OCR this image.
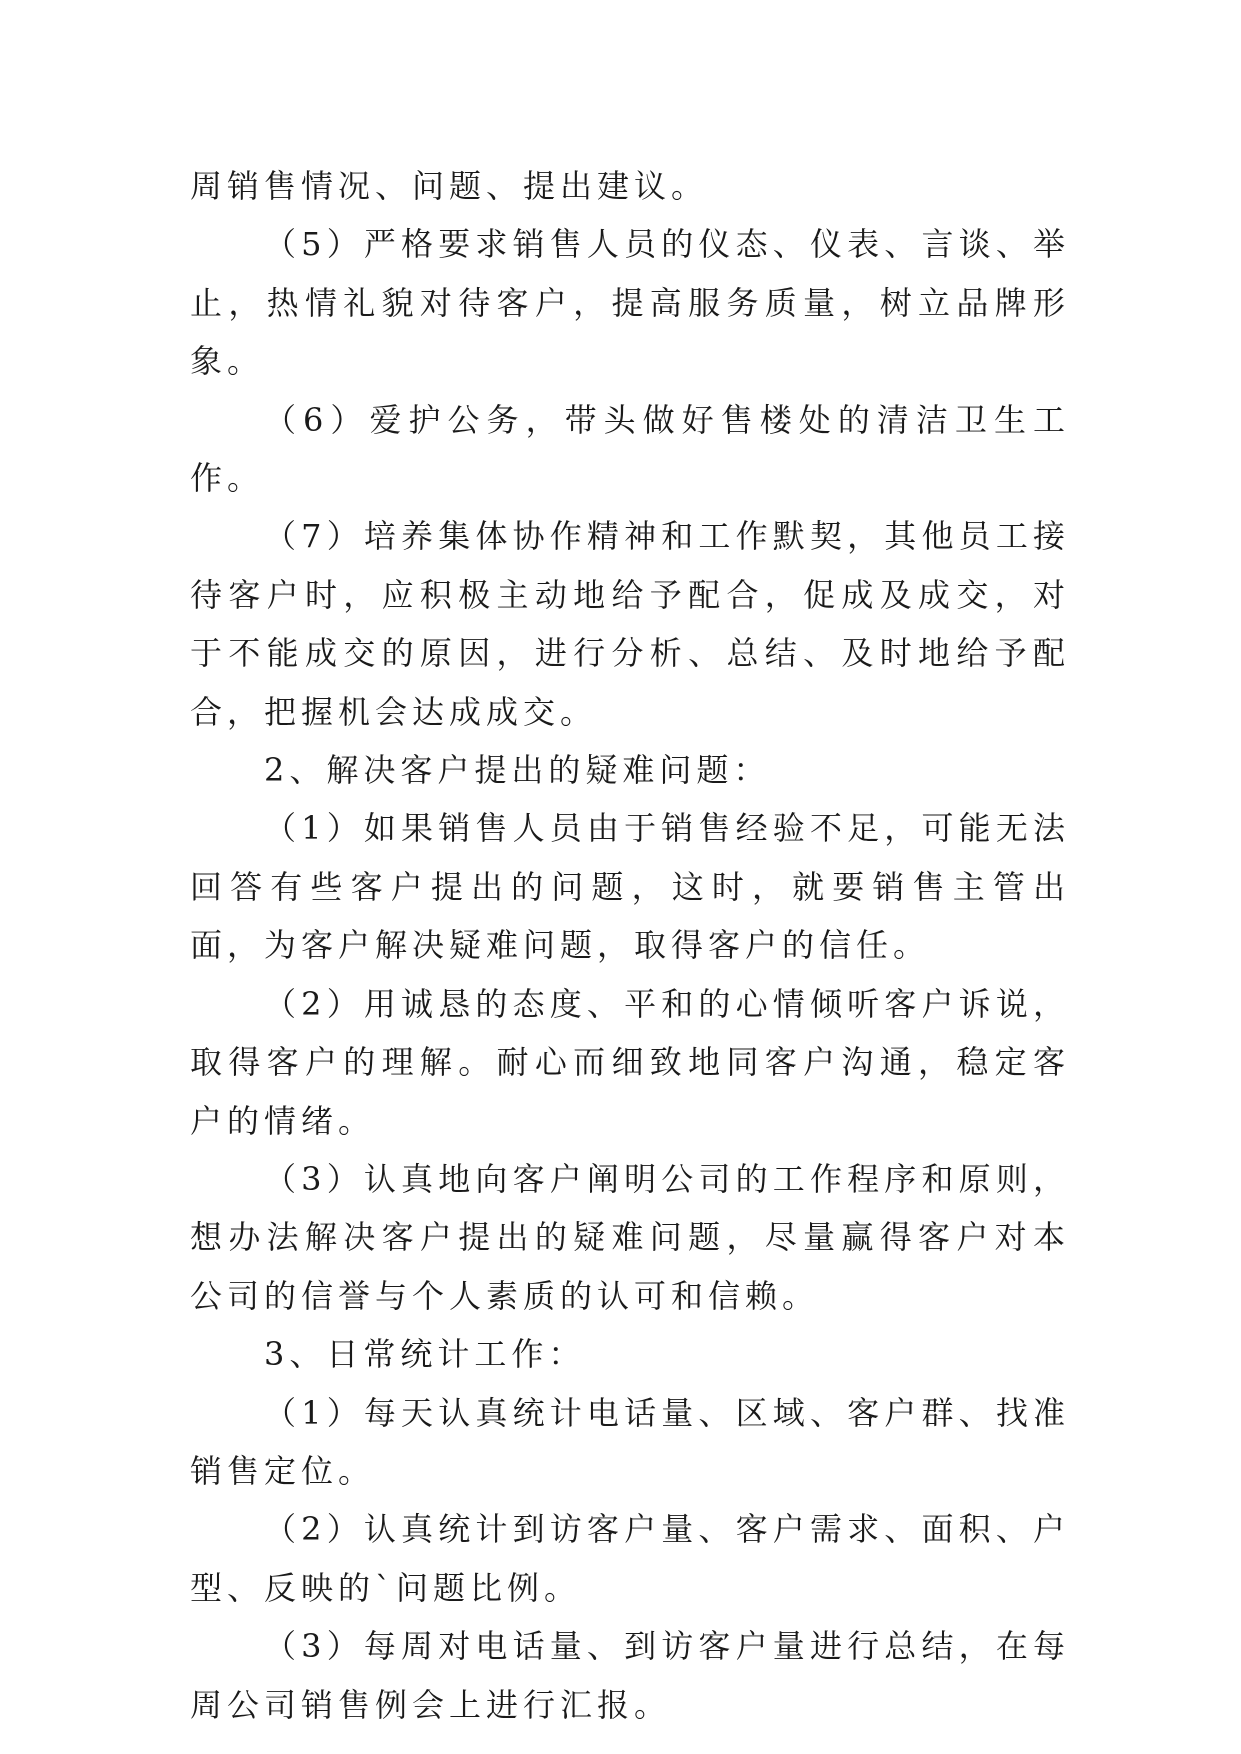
周销售情况、问题、提出建议。

（5）严格要求销售人员的仪态、仪表、言谈、举止，热情礼貌对待客户，提高服务质量，树立品牌形象。

（6）爱护公务，带头做好售楼处的清洁卫生工作。

（7）培养集体协作精神和工作默契，其他员工接待客户时，应积极主动地给予配合，促成及成交，对于不能成交的原因，进行分析、总结、及时地给予配合，把握机会达成成交。

2、解决客户提出的疑难问题：

（1）如果销售人员由于销售经验不足，可能无法回答有些客户提出的问题，这时，就要销售主管出面，为客户解决疑难问题，取得客户的信任。

（2）用诚恳的态度、平和的心情倾听客户诉说，取得客户的理解。耐心而细致地同客户沟通，稳定客户的情绪。

（3）认真地向客户阐明公司的工作程序和原则，想办法解决客户提出的疑难问题，尽量赢得客户对本公司的信誉与个人素质的认可和信赖。

3、日常统计工作：

（1）每天认真统计电话量、区域、客户群、找准销售定位。

（2）认真统计到访客户量、客户需求、面积、户型、反映的`问题比例。

（3）每周对电话量、到访客户量进行总结，在每周公司销售例会上进行汇报。
